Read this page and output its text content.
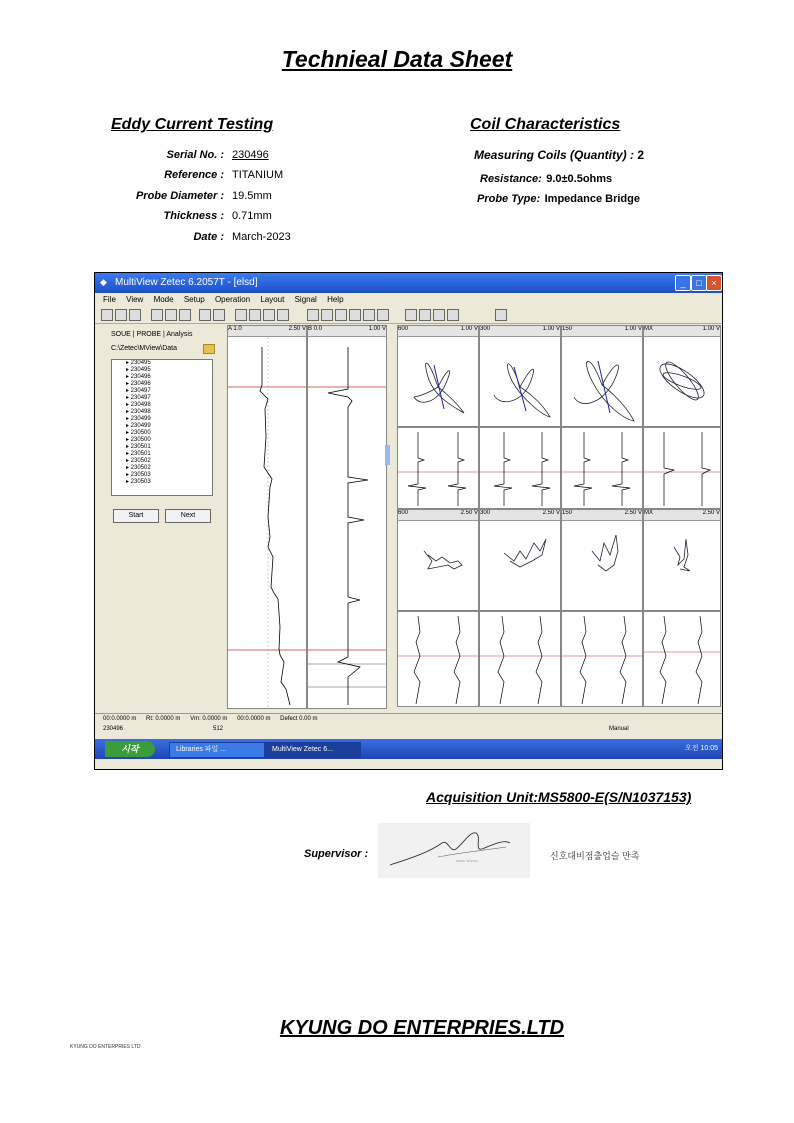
Technieal Data Sheet
Eddy Current Testing
Serial No. : 230496
Reference : TITANIUM
Probe Diameter : 19.5mm
Thickness : 0.71mm
Date : March-2023
Coil Characteristics
Measuring Coils (Quantity) : 2
Resistance: 9.0±0.5ohms
Probe Type: Impedance Bridge
◆ MultiView Zetec 6.2057T - [elsd]	_	□	×
File View Mode Setup Operation Layout Signal Help
SOUE | PROBE | Analysis
C:\Zetec\MView\Data
▸ 230495
▸ 230495
▸ 230496
▸ 230496
▸ 230497
▸ 230497
▸ 230498
▸ 230498
▸ 230499
▸ 230499
▸ 230500
▸ 230500
▸ 230501
▸ 230501
▸ 230502
▸ 230502
▸ 230503
▸ 230503
Start	Next
A 1.0	2.50 V B 0.0	1.00 V 600	1.00 V 300	1.00 V 150	1.00 V MX	1.00 V
600	2.50 V 300	2.50 V 150	2.50 V MX	2.50 V
00:0.0000 m Rt: 0.0000 m Vm: 0.0000 m 00:0.0000 m Defect 0.00 m
230496	512	Manual
시작	Libraries 파일 ...	MultiView Zetec 6...	오전 10:05
Acquisition Unit:MS5800-E(S/N1037153)
Supervisor :
~~~ ~~~~
신호대비점출업슬 만족
KYUNG DO ENTERPRIES.LTD
KYUNG DO ENTERPRIES LTD.
